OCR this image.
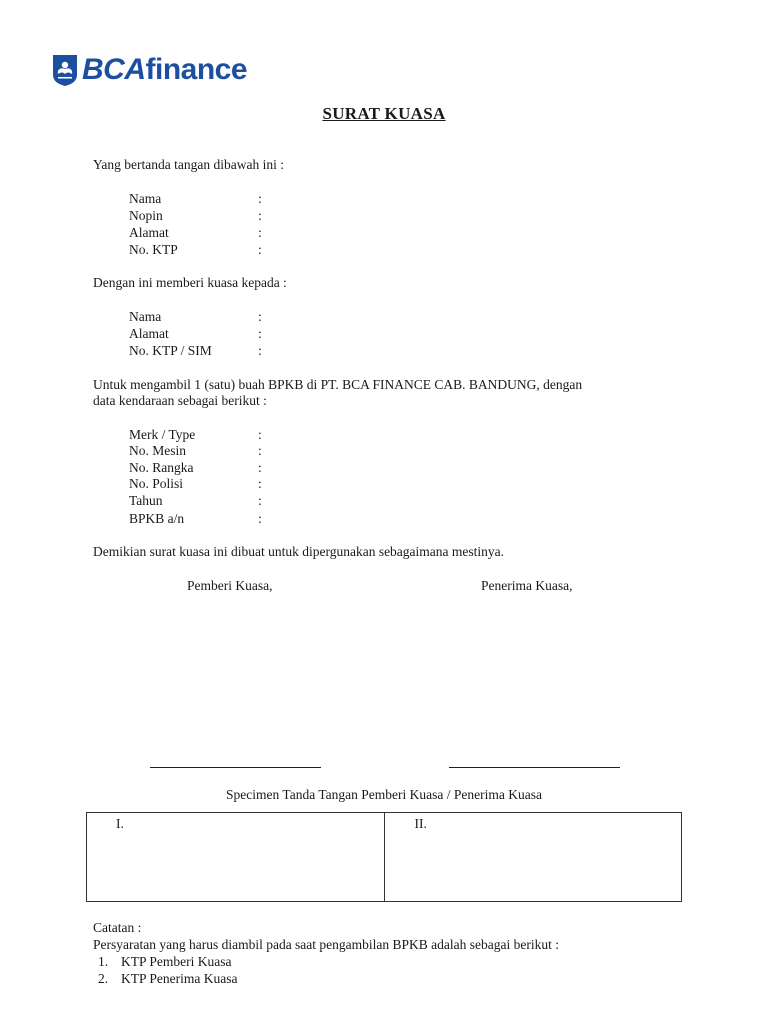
BCAfinance
SURAT KUASA
Yang bertanda tangan dibawah ini :
Nama	:
Nopin	:
Alamat	:
No. KTP	:
Dengan ini memberi kuasa kepada :
Nama	:
Alamat	:
No. KTP / SIM	:
Untuk mengambil 1 (satu) buah BPKB di PT. BCA FINANCE CAB. BANDUNG, dengan
data kendaraan sebagai berikut :
Merk / Type	:
No. Mesin	:
No. Rangka	:
No. Polisi	:
Tahun	:
BPKB a/n	:
Demikian surat kuasa ini dibuat untuk dipergunakan sebagaimana mestinya.
Pemberi Kuasa,	Penerima Kuasa,
Specimen Tanda Tangan Pemberi Kuasa / Penerima Kuasa
I.	II.
Catatan :
Persyaratan yang harus diambil pada saat pengambilan BPKB adalah sebagai berikut :
1. KTP Pemberi Kuasa
2. KTP Penerima Kuasa
